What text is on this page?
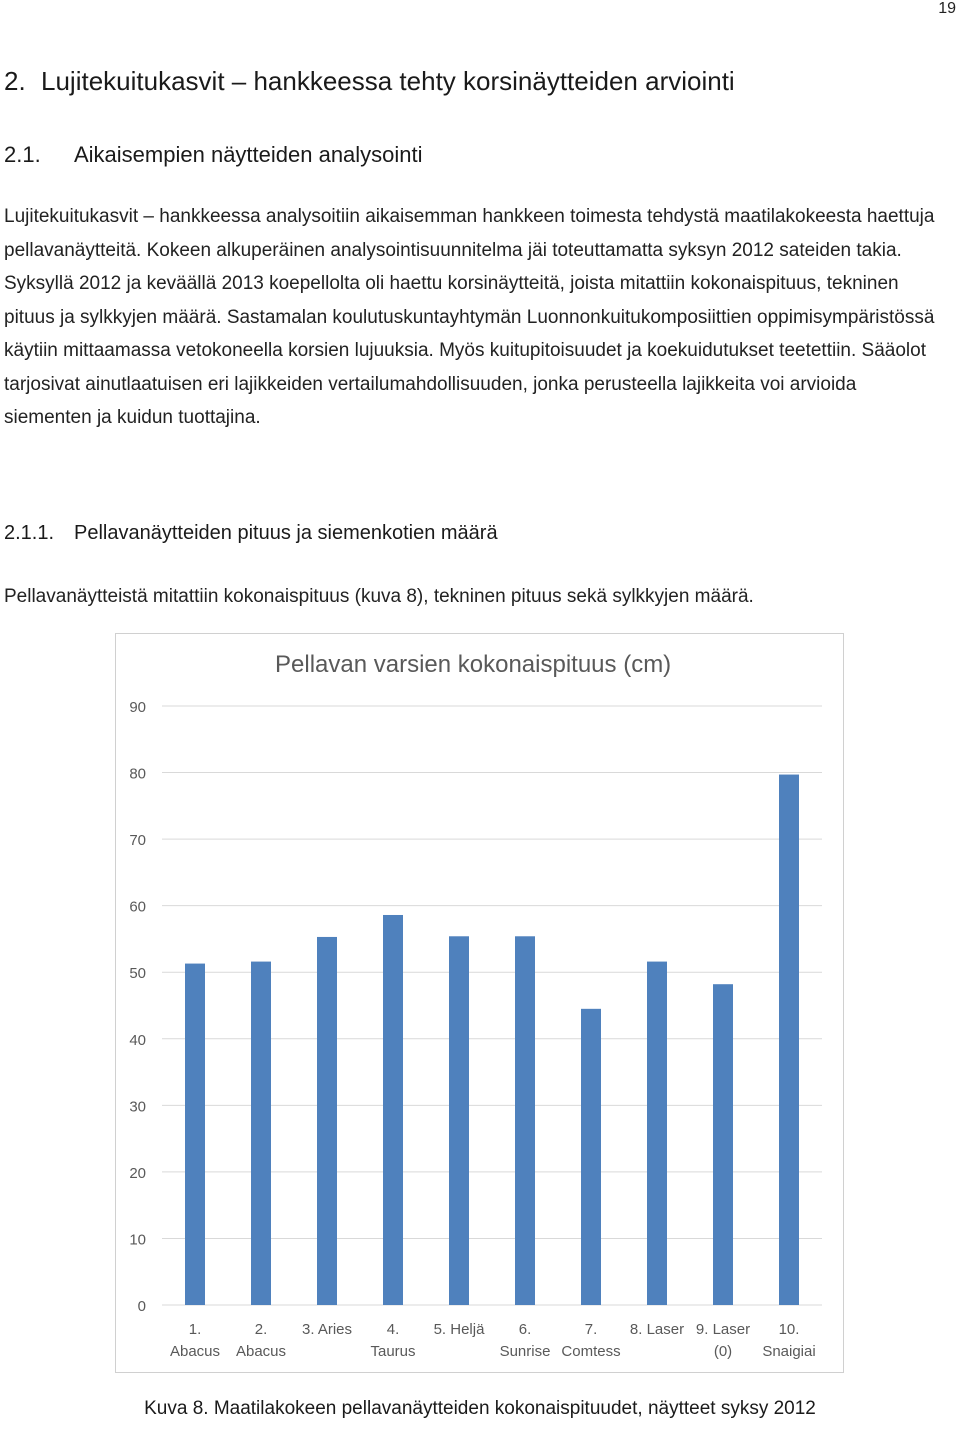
19
2. Lujitekuitukasvit – hankkeessa tehty korsinäytteiden arviointi
2.1. Aikaisempien näytteiden analysointi
Lujitekuitukasvit – hankkeessa analysoitiin aikaisemman hankkeen toimesta tehdystä maatilakokeesta haettuja pellavanäytteitä. Kokeen alkuperäinen analysointisuunnitelma jäi toteuttamatta syksyn 2012 sateiden takia. Syksyllä 2012 ja keväällä 2013 koepellolta oli haettu korsinäytteitä, joista mitattiin kokonaispituus, tekninen pituus ja sylkkyjen määrä. Sastamalan koulutuskuntayhtymän Luonnonkuitukomposiittien oppimisympäristössä käytiin mittaamassa vetokoneella korsien lujuuksia. Myös kuitupitoisuudet ja koekuidutukset teetettiin. Sääolot tarjosivat ainutlaatuisen eri lajikkeiden vertailumahdollisuuden, jonka perusteella lajikkeita voi arvioida siementen ja kuidun tuottajina.
2.1.1. Pellavanäytteiden pituus ja siemenkotien määrä
Pellavanäytteistä mitattiin kokonaispituus (kuva 8), tekninen pituus sekä sylkkyjen määrä.
Pellavan varsien kokonaispituus (cm)
0
10
20
30
40
50
60
70
80
90
1.
Abacus
2.
Abacus
3. Aries 4.
Taurus
5. Heljä 6.
Sunrise
7.
Comtess
8. Laser 9. Laser
(0)
10.
Snaigiai
Kuva 8. Maatilakokeen pellavanäytteiden kokonaispituudet, näytteet syksy 2012
